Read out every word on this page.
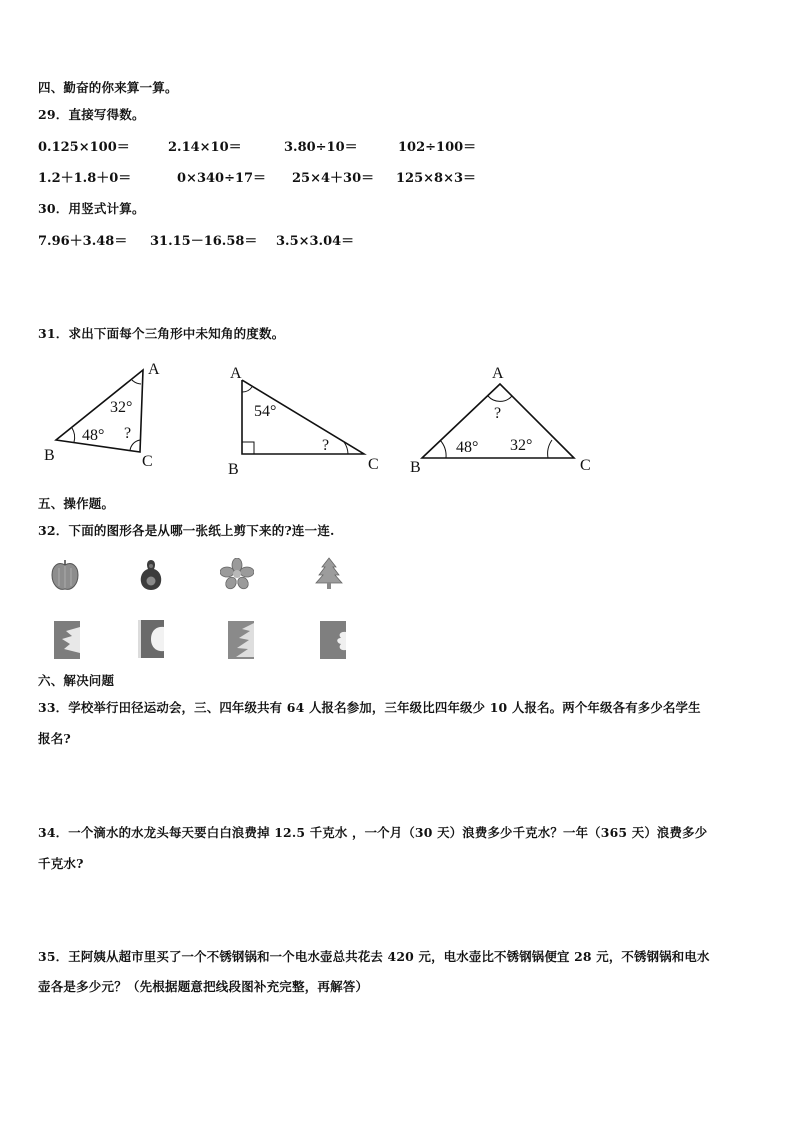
四、勤奋的你来算一算。
29．直接写得数。
0.125×100＝	2.14×10＝	3.80÷10＝	102÷100＝
1.2＋1.8＋0＝	0×340÷17＝ 25×4＋30＝ 125×8×3＝
30．用竖式计算。
7.96＋3.48＝ 31.15－16.58＝ 3.5×3.04＝
31．求出下面每个三角形中未知角的度数。
A
B	C
32°
48° ?
A
B	C
54°
?
A
B	C
?
48° 32°
五、操作题。
32．下面的图形各是从哪一张纸上剪下来的?连一连.
六、解决问题
33．学校举行田径运动会，三、四年级共有 64 人报名参加，三年级比四年级少 10 人报名。两个年级各有多少名学生
报名?
34．一个滴水的水龙头每天要白白浪费掉 12.5 千克水 ，一个月（30 天）浪费多少千克水？一年（365 天）浪费多少
千克水?
35．王阿姨从超市里买了一个不锈钢锅和一个电水壶总共花去 420 元，电水壶比不锈钢锅便宜 28 元，不锈钢锅和电水
壶各是多少元？（先根据题意把线段图补充完整，再解答）
